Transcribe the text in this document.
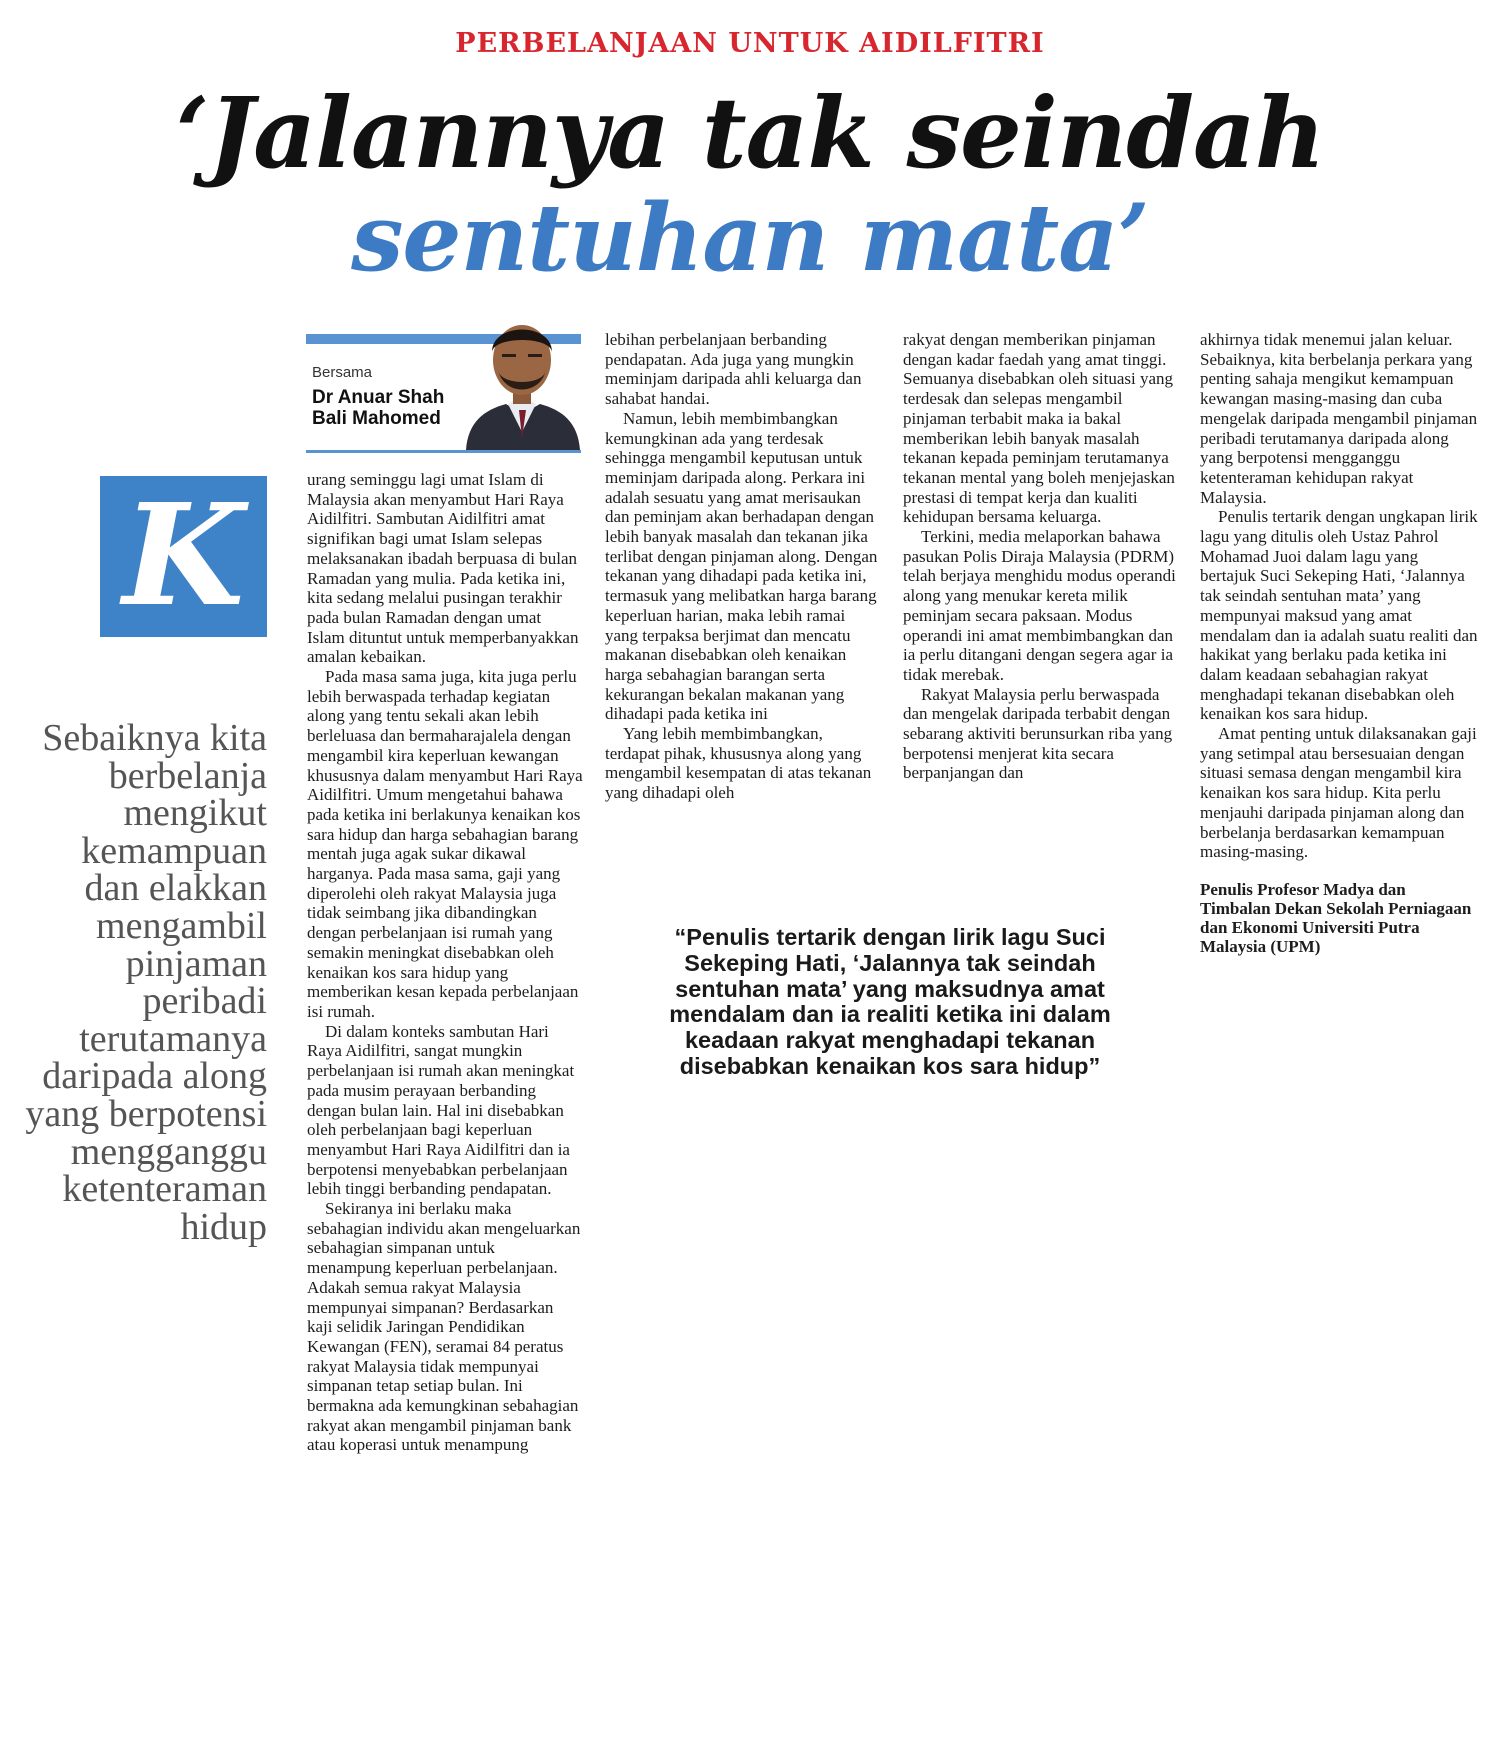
PERBELANJAAN UNTUK AIDILFITRI
‘Jalannya tak seindah
sentuhan mata’
Bersama
Dr Anuar Shah Bali Mahomed
K
Sebaiknya kita berbelanja mengikut kemampuan dan elakkan mengambil pinjaman peribadi terutamanya daripada along yang berpotensi mengganggu ketenteraman hidup

urang seminggu lagi umat Islam di Malaysia akan menyambut Hari Raya Aidilfitri. Sambutan Aidilfitri amat signifikan bagi umat Islam selepas melaksanakan ibadah berpuasa di bulan Ramadan yang mulia. Pada ketika ini, kita sedang melalui pusingan terakhir pada bulan Ramadan dengan umat Islam dituntut untuk memperbanyakkan amalan kebaikan.

Pada masa sama juga, kita juga perlu lebih berwaspada terhadap kegiatan along yang tentu sekali akan lebih berleluasa dan bermaharajalela dengan mengambil kira keperluan kewangan khususnya dalam menyambut Hari Raya Aidilfitri. Umum mengetahui bahawa pada ketika ini berlakunya kenaikan kos sara hidup dan harga sebahagian barang mentah juga agak sukar dikawal harganya. Pada masa sama, gaji yang diperolehi oleh rakyat Malaysia juga tidak seimbang jika dibandingkan dengan perbelanjaan isi rumah yang semakin meningkat disebabkan oleh kenaikan kos sara hidup yang memberikan kesan kepada perbelanjaan isi rumah.

Di dalam konteks sambutan Hari Raya Aidilfitri, sangat mungkin perbelanjaan isi rumah akan meningkat pada musim perayaan berbanding dengan bulan lain. Hal ini disebabkan oleh perbelanjaan bagi keperluan menyambut Hari Raya Aidilfitri dan ia berpotensi menyebabkan perbelanjaan lebih tinggi berbanding pendapatan.

Sekiranya ini berlaku maka sebahagian individu akan mengeluarkan sebahagian simpanan untuk menampung keperluan perbelanjaan. Adakah semua rakyat Malaysia mempunyai simpanan? Berdasarkan kaji selidik Jaringan Pendidikan Kewangan (FEN), seramai 84 peratus rakyat Malaysia tidak mempunyai simpanan tetap setiap bulan. Ini bermakna ada kemungkinan sebahagian rakyat akan mengambil pinjaman bank atau koperasi untuk menampung

lebihan perbelanjaan berbanding pendapatan. Ada juga yang mungkin meminjam daripada ahli keluarga dan sahabat handai.

Namun, lebih membimbangkan kemungkinan ada yang terdesak sehingga mengambil keputusan untuk meminjam daripada along. Perkara ini adalah sesuatu yang amat merisaukan dan peminjam akan berhadapan dengan lebih banyak masalah dan tekanan jika terlibat dengan pinjaman along. Dengan tekanan yang dihadapi pada ketika ini, termasuk yang melibatkan harga barang keperluan harian, maka lebih ramai yang terpaksa berjimat dan mencatu makanan disebabkan oleh kenaikan harga sebahagian barangan serta kekurangan bekalan makanan yang dihadapi pada ketika ini

Yang lebih membimbangkan, terdapat pihak, khususnya along yang mengambil kesempatan di atas tekanan yang dihadapi oleh

rakyat dengan memberikan pinjaman dengan kadar faedah yang amat tinggi. Semuanya disebabkan oleh situasi yang terdesak dan selepas mengambil pinjaman terbabit maka ia bakal memberikan lebih banyak masalah tekanan kepada peminjam terutamanya tekanan mental yang boleh menjejaskan prestasi di tempat kerja dan kualiti kehidupan bersama keluarga.

Terkini, media melaporkan bahawa pasukan Polis Diraja Malaysia (PDRM) telah berjaya menghidu modus operandi along yang menukar kereta milik peminjam secara paksaan. Modus operandi ini amat membimbangkan dan ia perlu ditangani dengan segera agar ia tidak merebak.

Rakyat Malaysia perlu berwaspada dan mengelak daripada terbabit dengan sebarang aktiviti berunsurkan riba yang berpotensi menjerat kita secara berpanjangan dan

akhirnya tidak menemui jalan keluar. Sebaiknya, kita berbelanja perkara yang penting sahaja mengikut kemampuan kewangan masing-masing dan cuba mengelak daripada mengambil pinjaman peribadi terutamanya daripada along yang berpotensi mengganggu ketenteraman kehidupan rakyat Malaysia.

Penulis tertarik dengan ungkapan lirik lagu yang ditulis oleh Ustaz Pahrol Mohamad Juoi dalam lagu yang bertajuk Suci Sekeping Hati, ‘Jalannya tak seindah sentuhan mata’ yang mempunyai maksud yang amat mendalam dan ia adalah suatu realiti dan hakikat yang berlaku pada ketika ini dalam keadaan sebahagian rakyat menghadapi tekanan disebabkan oleh kenaikan kos sara hidup.

Amat penting untuk dilaksanakan gaji yang setimpal atau bersesuaian dengan situasi semasa dengan mengambil kira kenaikan kos sara hidup. Kita perlu menjauhi daripada pinjaman along dan berbelanja berdasarkan kemampuan masing-masing.

Penulis Profesor Madya dan Timbalan Dekan Sekolah Perniagaan dan Ekonomi Universiti Putra Malaysia (UPM)

“Penulis tertarik dengan lirik lagu Suci Sekeping Hati, ‘Jalannya tak seindah sentuhan mata’ yang maksudnya amat mendalam dan ia realiti ketika ini dalam keadaan rakyat menghadapi tekanan disebabkan kenaikan kos sara hidup”
